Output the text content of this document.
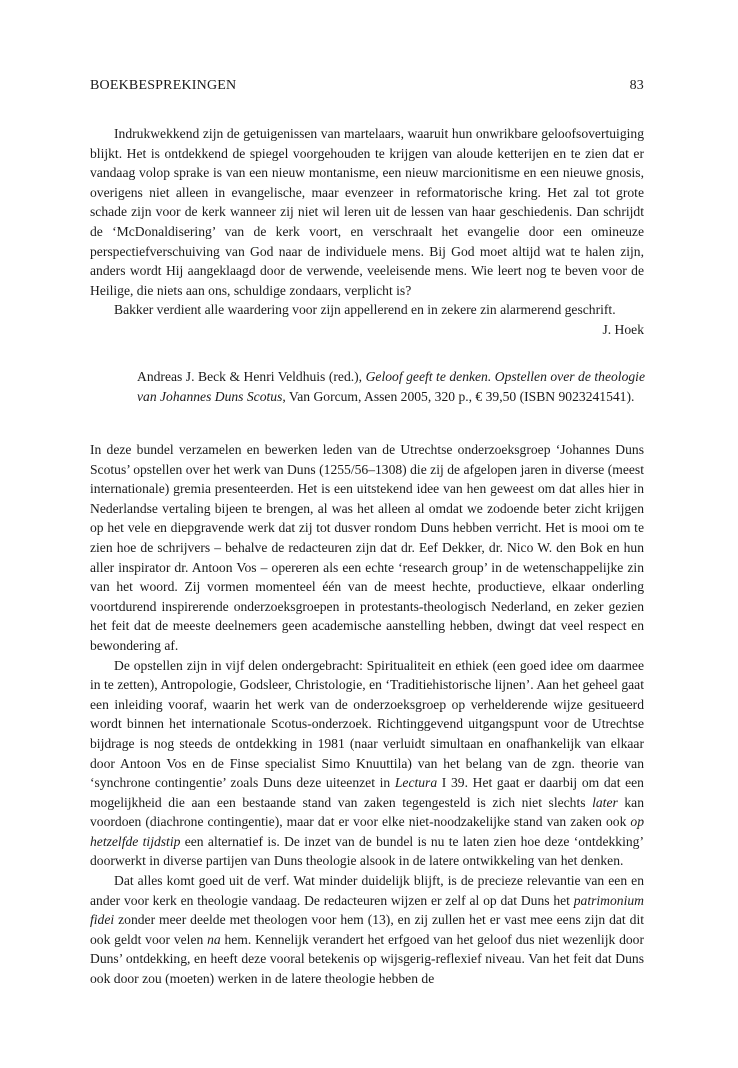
BOEKBESPREKINGEN	83

Indrukwekkend zijn de getuigenissen van martelaars, waaruit hun onwrikbare geloofsovertuiging blijkt. Het is ontdekkend de spiegel voorgehouden te krijgen van aloude ketterijen en te zien dat er vandaag volop sprake is van een nieuw montanisme, een nieuw marcionitisme en een nieuwe gnosis, overigens niet alleen in evangelische, maar evenzeer in reformatorische kring. Het zal tot grote schade zijn voor de kerk wanneer zij niet wil leren uit de lessen van haar geschiedenis. Dan schrijdt de ‘McDonaldisering’ van de kerk voort, en verschraalt het evangelie door een omineuze perspectiefverschuiving van God naar de individuele mens. Bij God moet altijd wat te halen zijn, anders wordt Hij aangeklaagd door de verwende, veeleisende mens. Wie leert nog te beven voor de Heilige, die niets aan ons, schuldige zondaars, verplicht is?

Bakker verdient alle waardering voor zijn appellerend en in zekere zin alarmerend geschrift.

J. Hoek
Andreas J. Beck & Henri Veldhuis (red.), Geloof geeft te denken. Opstellen over de theologie van Johannes Duns Scotus, Van Gorcum, Assen 2005, 320 p., € 39,50 (ISBN 9023241541).

In deze bundel verzamelen en bewerken leden van de Utrechtse onderzoeksgroep ‘Johannes Duns Scotus’ opstellen over het werk van Duns (1255/56–1308) die zij de afgelopen jaren in diverse (meest internationale) gremia presenteerden. Het is een uitstekend idee van hen geweest om dat alles hier in Nederlandse vertaling bijeen te brengen, al was het alleen al omdat we zodoende beter zicht krijgen op het vele en diepgravende werk dat zij tot dusver rondom Duns hebben verricht. Het is mooi om te zien hoe de schrijvers – behalve de redacteuren zijn dat dr. Eef Dekker, dr. Nico W. den Bok en hun aller inspirator dr. Antoon Vos – opereren als een echte ‘research group’ in de wetenschappelijke zin van het woord. Zij vormen momenteel één van de meest hechte, productieve, elkaar onderling voortdurend inspirerende onderzoeksgroepen in protestants-theologisch Nederland, en zeker gezien het feit dat de meeste deelnemers geen academische aanstelling hebben, dwingt dat veel respect en bewondering af.

De opstellen zijn in vijf delen ondergebracht: Spiritualiteit en ethiek (een goed idee om daarmee in te zetten), Antropologie, Godsleer, Christologie, en ‘Traditiehistorische lijnen’. Aan het geheel gaat een inleiding vooraf, waarin het werk van de onderzoeksgroep op verhelderende wijze gesitueerd wordt binnen het internationale Scotus-onderzoek. Richtinggevend uitgangspunt voor de Utrechtse bijdrage is nog steeds de ontdekking in 1981 (naar verluidt simultaan en onafhankelijk van elkaar door Antoon Vos en de Finse specialist Simo Knuuttila) van het belang van de zgn. theorie van ‘synchrone contingentie’ zoals Duns deze uiteenzet in Lectura I 39. Het gaat er daarbij om dat een mogelijkheid die aan een bestaande stand van zaken tegengesteld is zich niet slechts later kan voordoen (diachrone contingentie), maar dat er voor elke niet-noodzakelijke stand van zaken ook op hetzelfde tijdstip een alternatief is. De inzet van de bundel is nu te laten zien hoe deze ‘ontdekking’ doorwerkt in diverse partijen van Duns theologie alsook in de latere ontwikkeling van het denken.

Dat alles komt goed uit de verf. Wat minder duidelijk blijft, is de precieze relevantie van een en ander voor kerk en theologie vandaag. De redacteuren wijzen er zelf al op dat Duns het patrimonium fidei zonder meer deelde met theologen voor hem (13), en zij zullen het er vast mee eens zijn dat dit ook geldt voor velen na hem. Kennelijk verandert het erfgoed van het geloof dus niet wezenlijk door Duns’ ontdekking, en heeft deze vooral betekenis op wijsgerig-reflexief niveau. Van het feit dat Duns ook door zou (moeten) werken in de latere theologie hebben de
